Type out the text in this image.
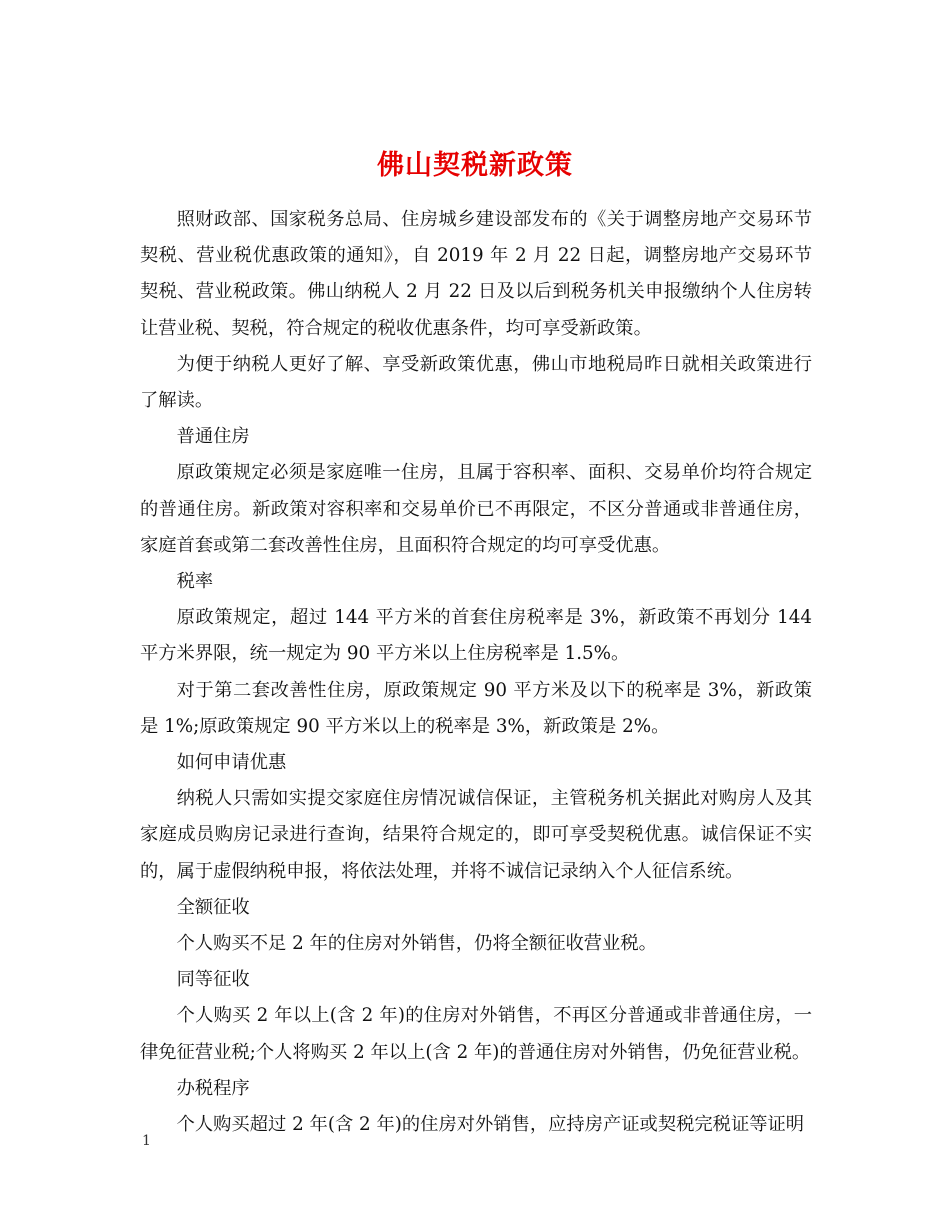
佛山契税新政策

照财政部、国家税务总局、住房城乡建设部发布的《关于调整房地产交易环节契税、营业税优惠政策的通知》，自 2019 年 2 月 22 日起，调整房地产交易环节契税、营业税政策。佛山纳税人 2 月 22 日及以后到税务机关申报缴纳个人住房转让营业税、契税，符合规定的税收优惠条件，均可享受新政策。

为便于纳税人更好了解、享受新政策优惠，佛山市地税局昨日就相关政策进行了解读。

普通住房

原政策规定必须是家庭唯一住房，且属于容积率、面积、交易单价均符合规定的普通住房。新政策对容积率和交易单价已不再限定，不区分普通或非普通住房，家庭首套或第二套改善性住房，且面积符合规定的均可享受优惠。

税率

原政策规定，超过 144 平方米的首套住房税率是 3%，新政策不再划分 144 平方米界限，统一规定为 90 平方米以上住房税率是 1.5%。

对于第二套改善性住房，原政策规定 90 平方米及以下的税率是 3%，新政策是 1%;原政策规定 90 平方米以上的税率是 3%，新政策是 2%。

如何申请优惠

纳税人只需如实提交家庭住房情况诚信保证，主管税务机关据此对购房人及其家庭成员购房记录进行查询，结果符合规定的，即可享受契税优惠。诚信保证不实的，属于虚假纳税申报，将依法处理，并将不诚信记录纳入个人征信系统。

全额征收

个人购买不足 2 年的住房对外销售，仍将全额征收营业税。

同等征收

个人购买 2 年以上(含 2 年)的住房对外销售，不再区分普通或非普通住房，一律免征营业税;个人将购买 2 年以上(含 2 年)的普通住房对外销售，仍免征营业税。

办税程序

个人购买超过 2 年(含 2 年)的住房对外销售，应持房产证或契税完税证等证明

1
